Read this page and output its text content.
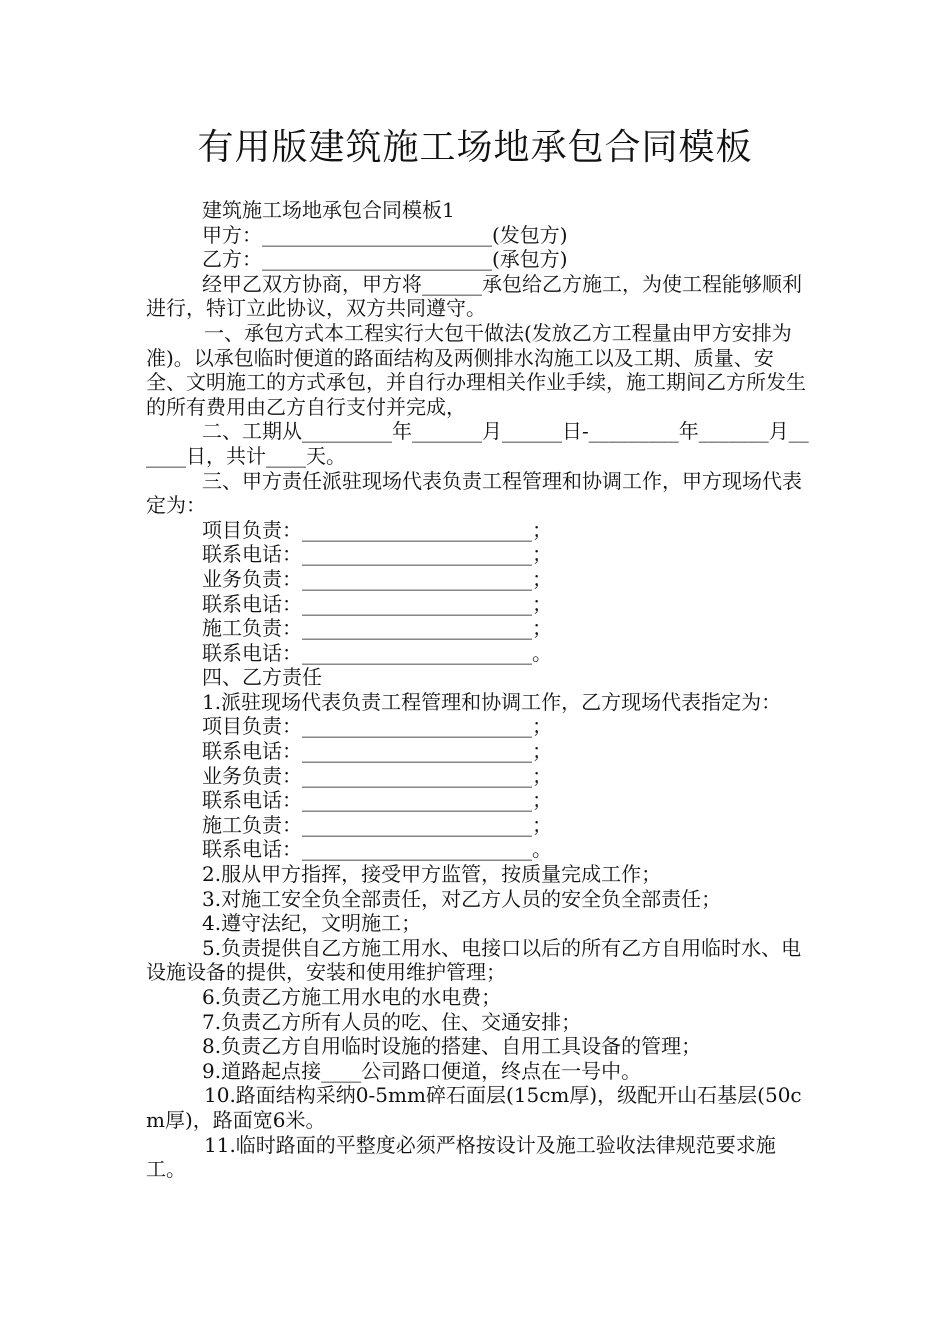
有用版建筑施工场地承包合同模板

建筑施工场地承包合同模板1

甲方：_______________________(发包方)

乙方：_______________________(承包方)

经甲乙双方协商，甲方将______承包给乙方施工，为使工程能够顺利进行，特订立此协议，双方共同遵守。

一、承包方式本工程实行大包干做法(发放乙方工程量由甲方安排为准)。以承包临时便道的路面结构及两侧排水沟施工以及工期、质量、安全、文明施工的方式承包，并自行办理相关作业手续，施工期间乙方所发生的所有费用由乙方自行支付并完成，

二、工期从_________年_______月______日-_________年_______月______日，共计____天。

三、甲方责任派驻现场代表负责工程管理和协调工作，甲方现场代表定为：

项目负责：_______________________；

联系电话：_______________________；

业务负责：_______________________；

联系电话：_______________________；

施工负责：_______________________；

联系电话：_______________________。

四、乙方责任

1.派驻现场代表负责工程管理和协调工作，乙方现场代表指定为：

项目负责：_______________________；

联系电话：_______________________；

业务负责：_______________________；

联系电话：_______________________；

施工负责：_______________________；

联系电话：_______________________。

2.服从甲方指挥，接受甲方监管，按质量完成工作；

3.对施工安全负全部责任，对乙方人员的安全负全部责任；

4.遵守法纪，文明施工；

5.负责提供自乙方施工用水、电接口以后的所有乙方自用临时水、电设施设备的提供，安装和使用维护管理；

6.负责乙方施工用水电的水电费；

7.负责乙方所有人员的吃、住、交通安排；

8.负责乙方自用临时设施的搭建、自用工具设备的管理；

9.道路起点接____公司路口便道，终点在一号中。

10.路面结构采纳0-5mm碎石面层(15cm厚)，级配开山石基层(50cm厚)，路面宽6米。

11.临时路面的平整度必须严格按设计及施工验收法律规范要求施工。
